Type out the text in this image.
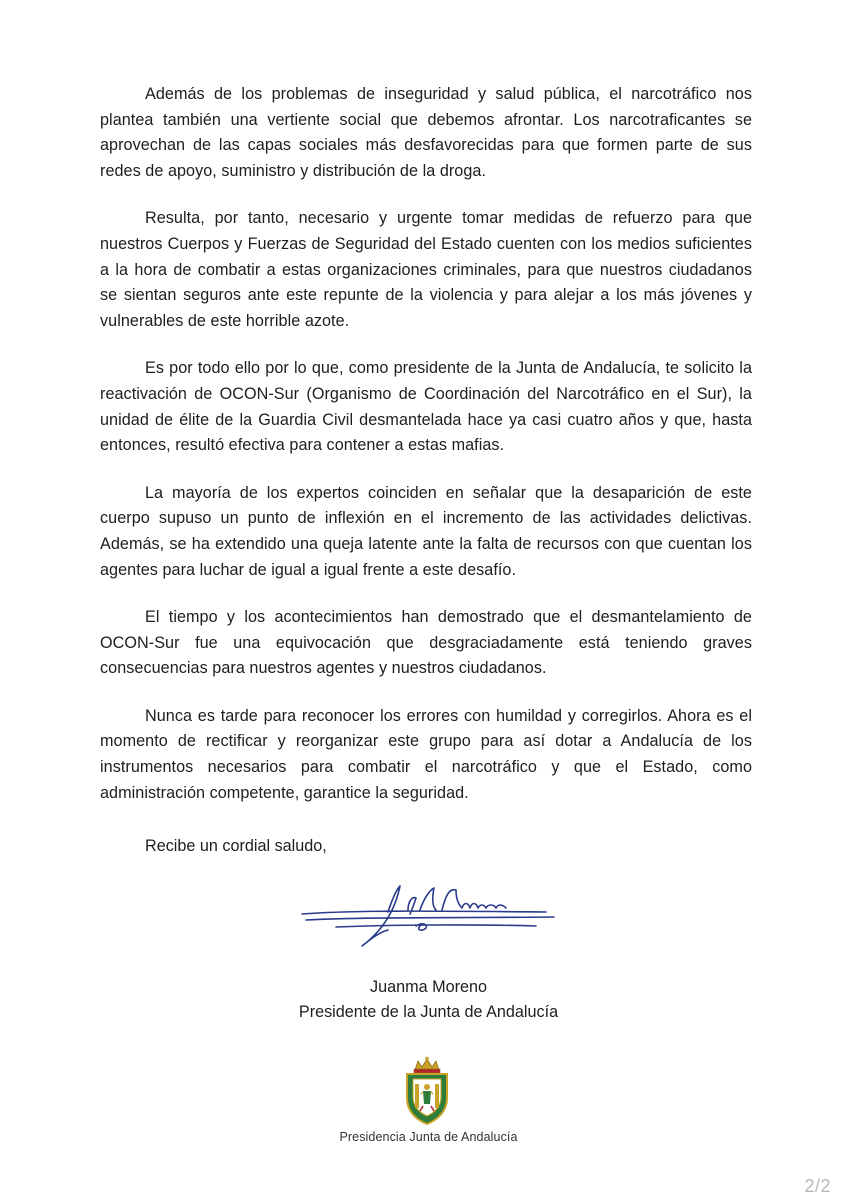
Además de los problemas de inseguridad y salud pública, el narcotráfico nos plantea también una vertiente social que debemos afrontar. Los narcotraficantes se aprovechan de las capas sociales más desfavorecidas para que formen parte de sus redes de apoyo, suministro y distribución de la droga.

Resulta, por tanto, necesario y urgente tomar medidas de refuerzo para que nuestros Cuerpos y Fuerzas de Seguridad del Estado cuenten con los medios suficientes a la hora de combatir a estas organizaciones criminales, para que nuestros ciudadanos se sientan seguros ante este repunte de la violencia y para alejar a los más jóvenes y vulnerables de este horrible azote.

Es por todo ello por lo que, como presidente de la Junta de Andalucía, te solicito la reactivación de OCON-Sur (Organismo de Coordinación del Narcotráfico en el Sur), la unidad de élite de la Guardia Civil desmantelada hace ya casi cuatro años y que, hasta entonces, resultó efectiva para contener a estas mafias.

La mayoría de los expertos coinciden en señalar que la desaparición de este cuerpo supuso un punto de inflexión en el incremento de las actividades delictivas. Además, se ha extendido una queja latente ante la falta de recursos con que cuentan los agentes para luchar de igual a igual frente a este desafío.

El tiempo y los acontecimientos han demostrado que el desmantelamiento de OCON-Sur fue una equivocación que desgraciadamente está teniendo graves consecuencias para nuestros agentes y nuestros ciudadanos.

Nunca es tarde para reconocer los errores con humildad y corregirlos. Ahora es el momento de rectificar y reorganizar este grupo para así dotar a Andalucía de los instrumentos necesarios para combatir el narcotráfico y que el Estado, como administración competente, garantice la seguridad.

Recibe un cordial saludo,

Juanma Moreno
Presidente de la Junta de Andalucía
Presidencia Junta de Andalucía
2/2
